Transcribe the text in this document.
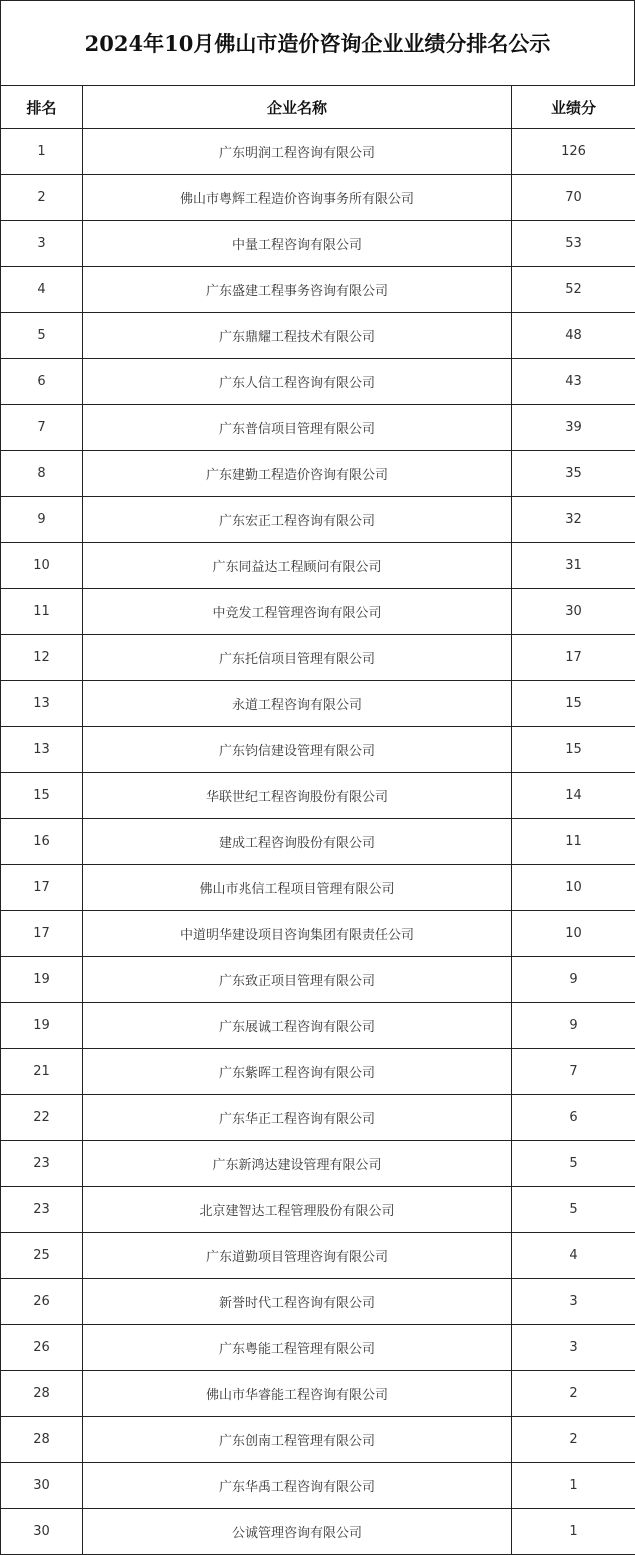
2024年10月佛山市造价咨询企业业绩分排名公示
排名	企业名称	业绩分
1	广东明润工程咨询有限公司	126
2	佛山市粤辉工程造价咨询事务所有限公司	70
3	中量工程咨询有限公司	53
4	广东盛建工程事务咨询有限公司	52
5	广东鼎耀工程技术有限公司	48
6	广东人信工程咨询有限公司	43
7	广东普信项目管理有限公司	39
8	广东建勤工程造价咨询有限公司	35
9	广东宏正工程咨询有限公司	32
10	广东同益达工程顾问有限公司	31
11	中竞发工程管理咨询有限公司	30
12	广东托信项目管理有限公司	17
13	永道工程咨询有限公司	15
13	广东钧信建设管理有限公司	15
15	华联世纪工程咨询股份有限公司	14
16	建成工程咨询股份有限公司	11
17	佛山市兆信工程项目管理有限公司	10
17	中道明华建设项目咨询集团有限责任公司	10
19	广东致正项目管理有限公司	9
19	广东展诚工程咨询有限公司	9
21	广东紫晖工程咨询有限公司	7
22	广东华正工程咨询有限公司	6
23	广东新鸿达建设管理有限公司	5
23	北京建智达工程管理股份有限公司	5
25	广东道勤项目管理咨询有限公司	4
26	新誉时代工程咨询有限公司	3
26	广东粤能工程管理有限公司	3
28	佛山市华睿能工程咨询有限公司	2
28	广东创南工程管理有限公司	2
30	广东华禹工程咨询有限公司	1
30	公诚管理咨询有限公司	1
